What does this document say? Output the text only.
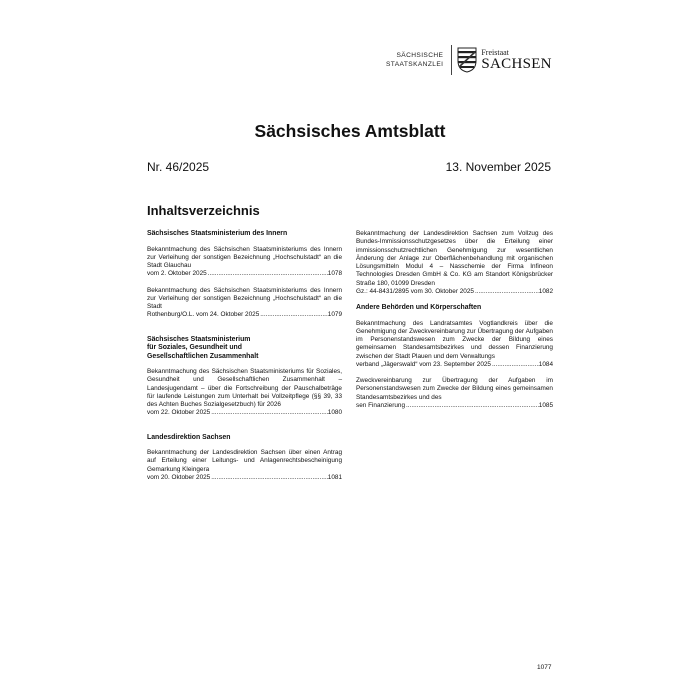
SÄCHSISCHE
STAATSKANZLEI
Freistaat
SACHSEN
Sächsisches Amtsblatt
Nr. 46/2025	13. November 2025
Inhaltsverzeichnis
Sächsisches Staatsministerium des Innern
Bekanntmachung des Sächsischen Staatsministeriums des Innern zur Verleihung der sonstigen Bezeichnung „Hochschulstadt“ an die Stadt Glauchau
vom 2. Oktober 2025 .....	1078
Bekanntmachung des Sächsischen Staatsministeriums des Innern zur Verleihung der sonstigen Bezeichnung „Hochschulstadt“ an die Stadt
Rothenburg/O.L. vom 24. Oktober 2025 .....	1079
Sächsisches Staatsministerium
für Soziales, Gesundheit und
Gesellschaftlichen Zusammenhalt
Bekanntmachung des Sächsischen Staatsministeriums für Soziales, Gesundheit und Gesellschaftlichen Zusammenhalt – Landesjugendamt – über die Fortschreibung der Pauschalbeträge für laufende Leistungen zum Unterhalt bei Vollzeitpflege (§§ 39, 33 des Achten Buches Sozialgesetzbuch) für 2026
vom 22. Oktober 2025 .....	1080
Landesdirektion Sachsen
Bekanntmachung der Landesdirektion Sachsen über einen Antrag auf Erteilung einer Leitungs- und Anlagenrechtsbescheinigung Gemarkung Kleingera
vom 20. Oktober 2025 .....	1081
Bekanntmachung der Landesdirektion Sachsen zum Vollzug des Bundes-Immissionsschutzgesetzes über die Erteilung einer immissionsschutzrechtlichen Genehmigung zur wesentlichen Änderung der Anlage zur Oberflächenbehandlung mit organischen Lösungsmitteln Modul 4 – Nasschemie der Firma Infineon Technologies Dresden GmbH & Co. KG am Standort Königsbrücker Straße 180, 01099 Dresden
Gz.: 44-8431/2895 vom 30. Oktober 2025 .....	1082
Andere Behörden und Körperschaften
Bekanntmachung des Landratsamtes Vogtlandkreis über die Genehmigung der Zweckvereinbarung zur Übertragung der Aufgaben im Personenstandswesen zum Zwecke der Bildung eines gemeinsamen Standesamtsbezirkes und dessen Finanzierung zwischen der Stadt Plauen und dem Verwaltungs
verband „Jägerswald“ vom 23. September 2025 .....	1084
Zweckvereinbarung zur Übertragung der Aufgaben im Personenstandswesen zum Zwecke der Bildung eines gemeinsamen Standesamtsbezirkes und des
sen Finanzierung .....	1085
1077
